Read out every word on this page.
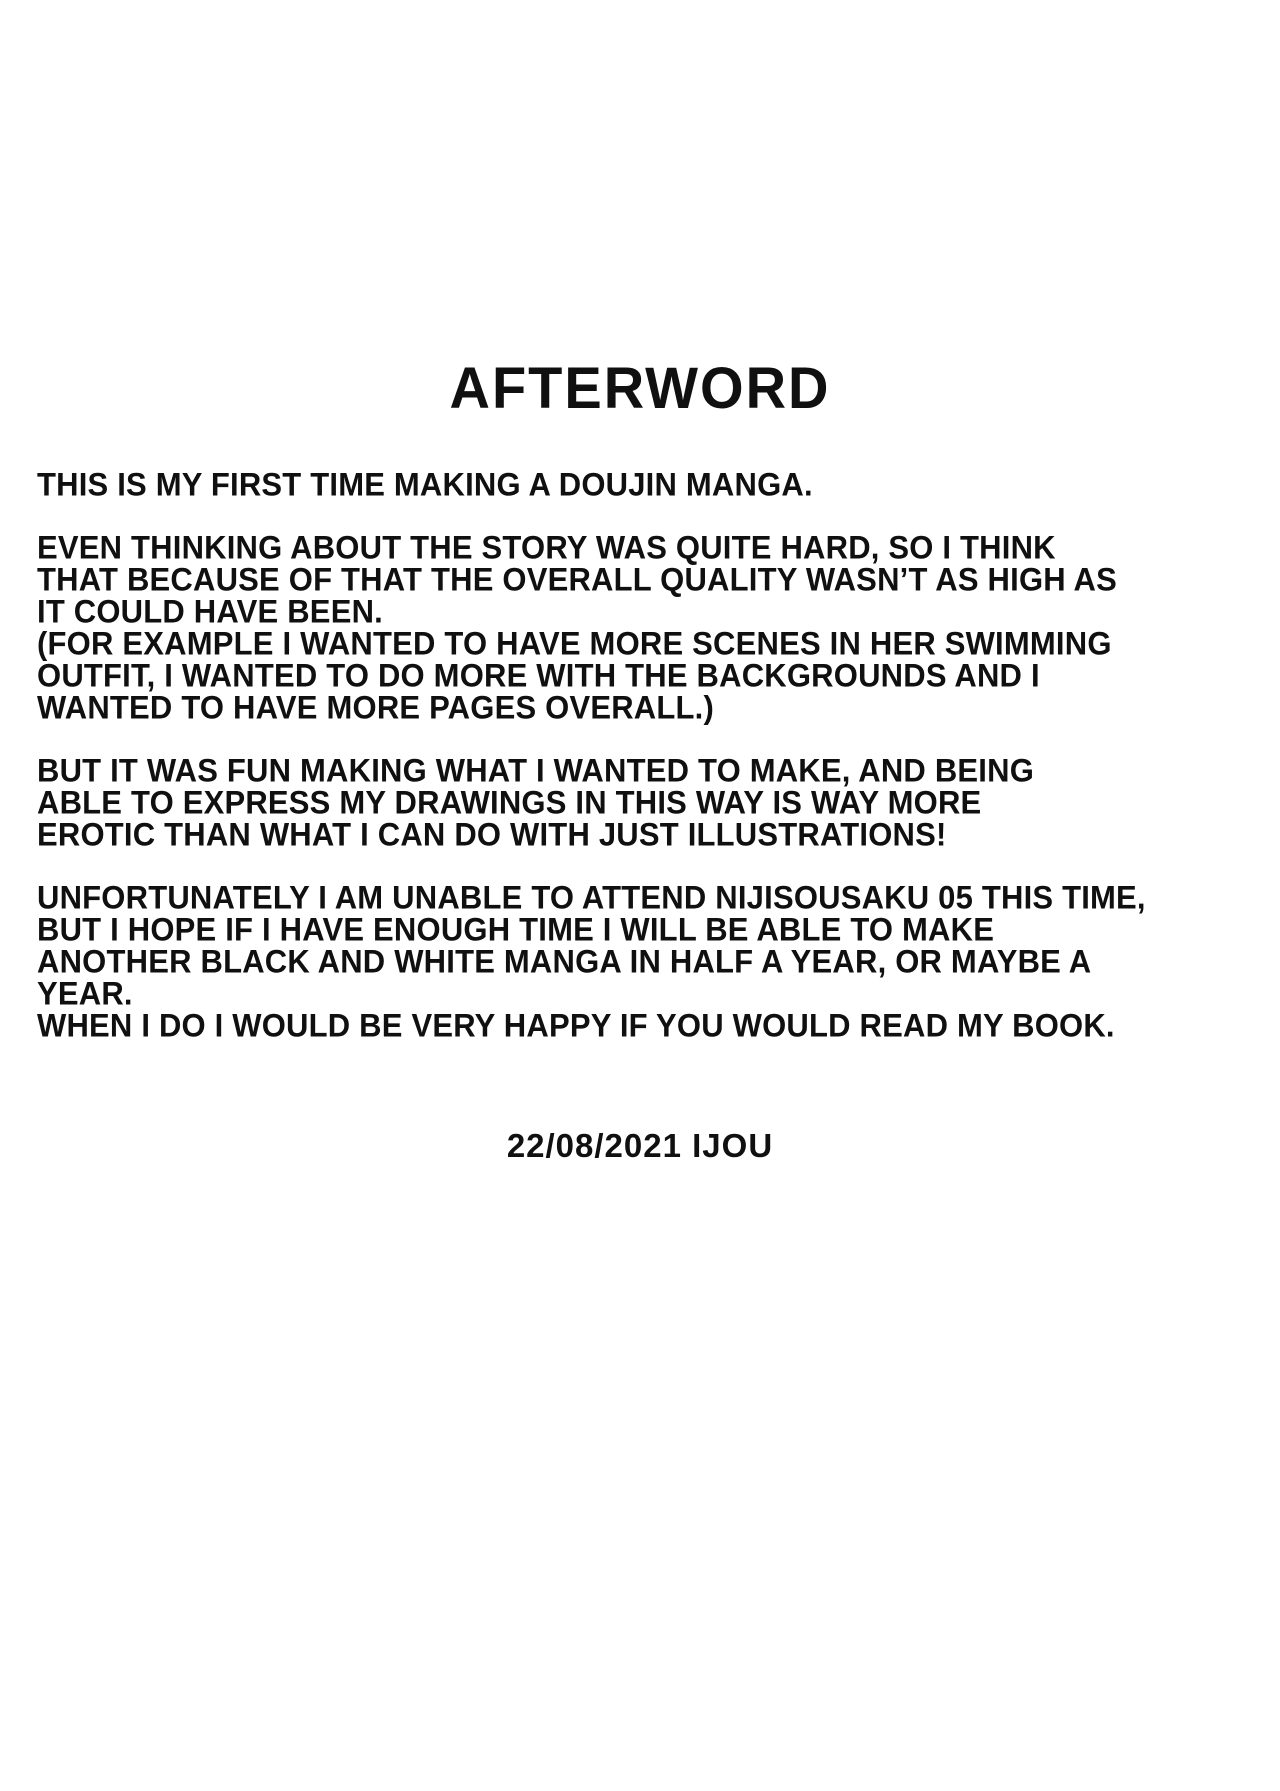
AFTERWORD
THIS IS MY FIRST TIME MAKING A DOUJIN MANGA.
EVEN THINKING ABOUT THE STORY WAS QUITE HARD, SO I THINK
THAT BECAUSE OF THAT THE OVERALL QUALITY WASN’T AS HIGH AS
IT COULD HAVE BEEN.
(FOR EXAMPLE I WANTED TO HAVE MORE SCENES IN HER SWIMMING
OUTFIT, I WANTED TO DO MORE WITH THE BACKGROUNDS AND I
WANTED TO HAVE MORE PAGES OVERALL.)
BUT IT WAS FUN MAKING WHAT I WANTED TO MAKE, AND BEING
ABLE TO EXPRESS MY DRAWINGS IN THIS WAY IS WAY MORE
EROTIC THAN WHAT I CAN DO WITH JUST ILLUSTRATIONS!
UNFORTUNATELY I AM UNABLE TO ATTEND NIJISOUSAKU 05 THIS TIME,
BUT I HOPE IF I HAVE ENOUGH TIME I WILL BE ABLE TO MAKE
ANOTHER BLACK AND WHITE MANGA IN HALF A YEAR, OR MAYBE A
YEAR.
WHEN I DO I WOULD BE VERY HAPPY IF YOU WOULD READ MY BOOK.
22/08/2021 IJOU
